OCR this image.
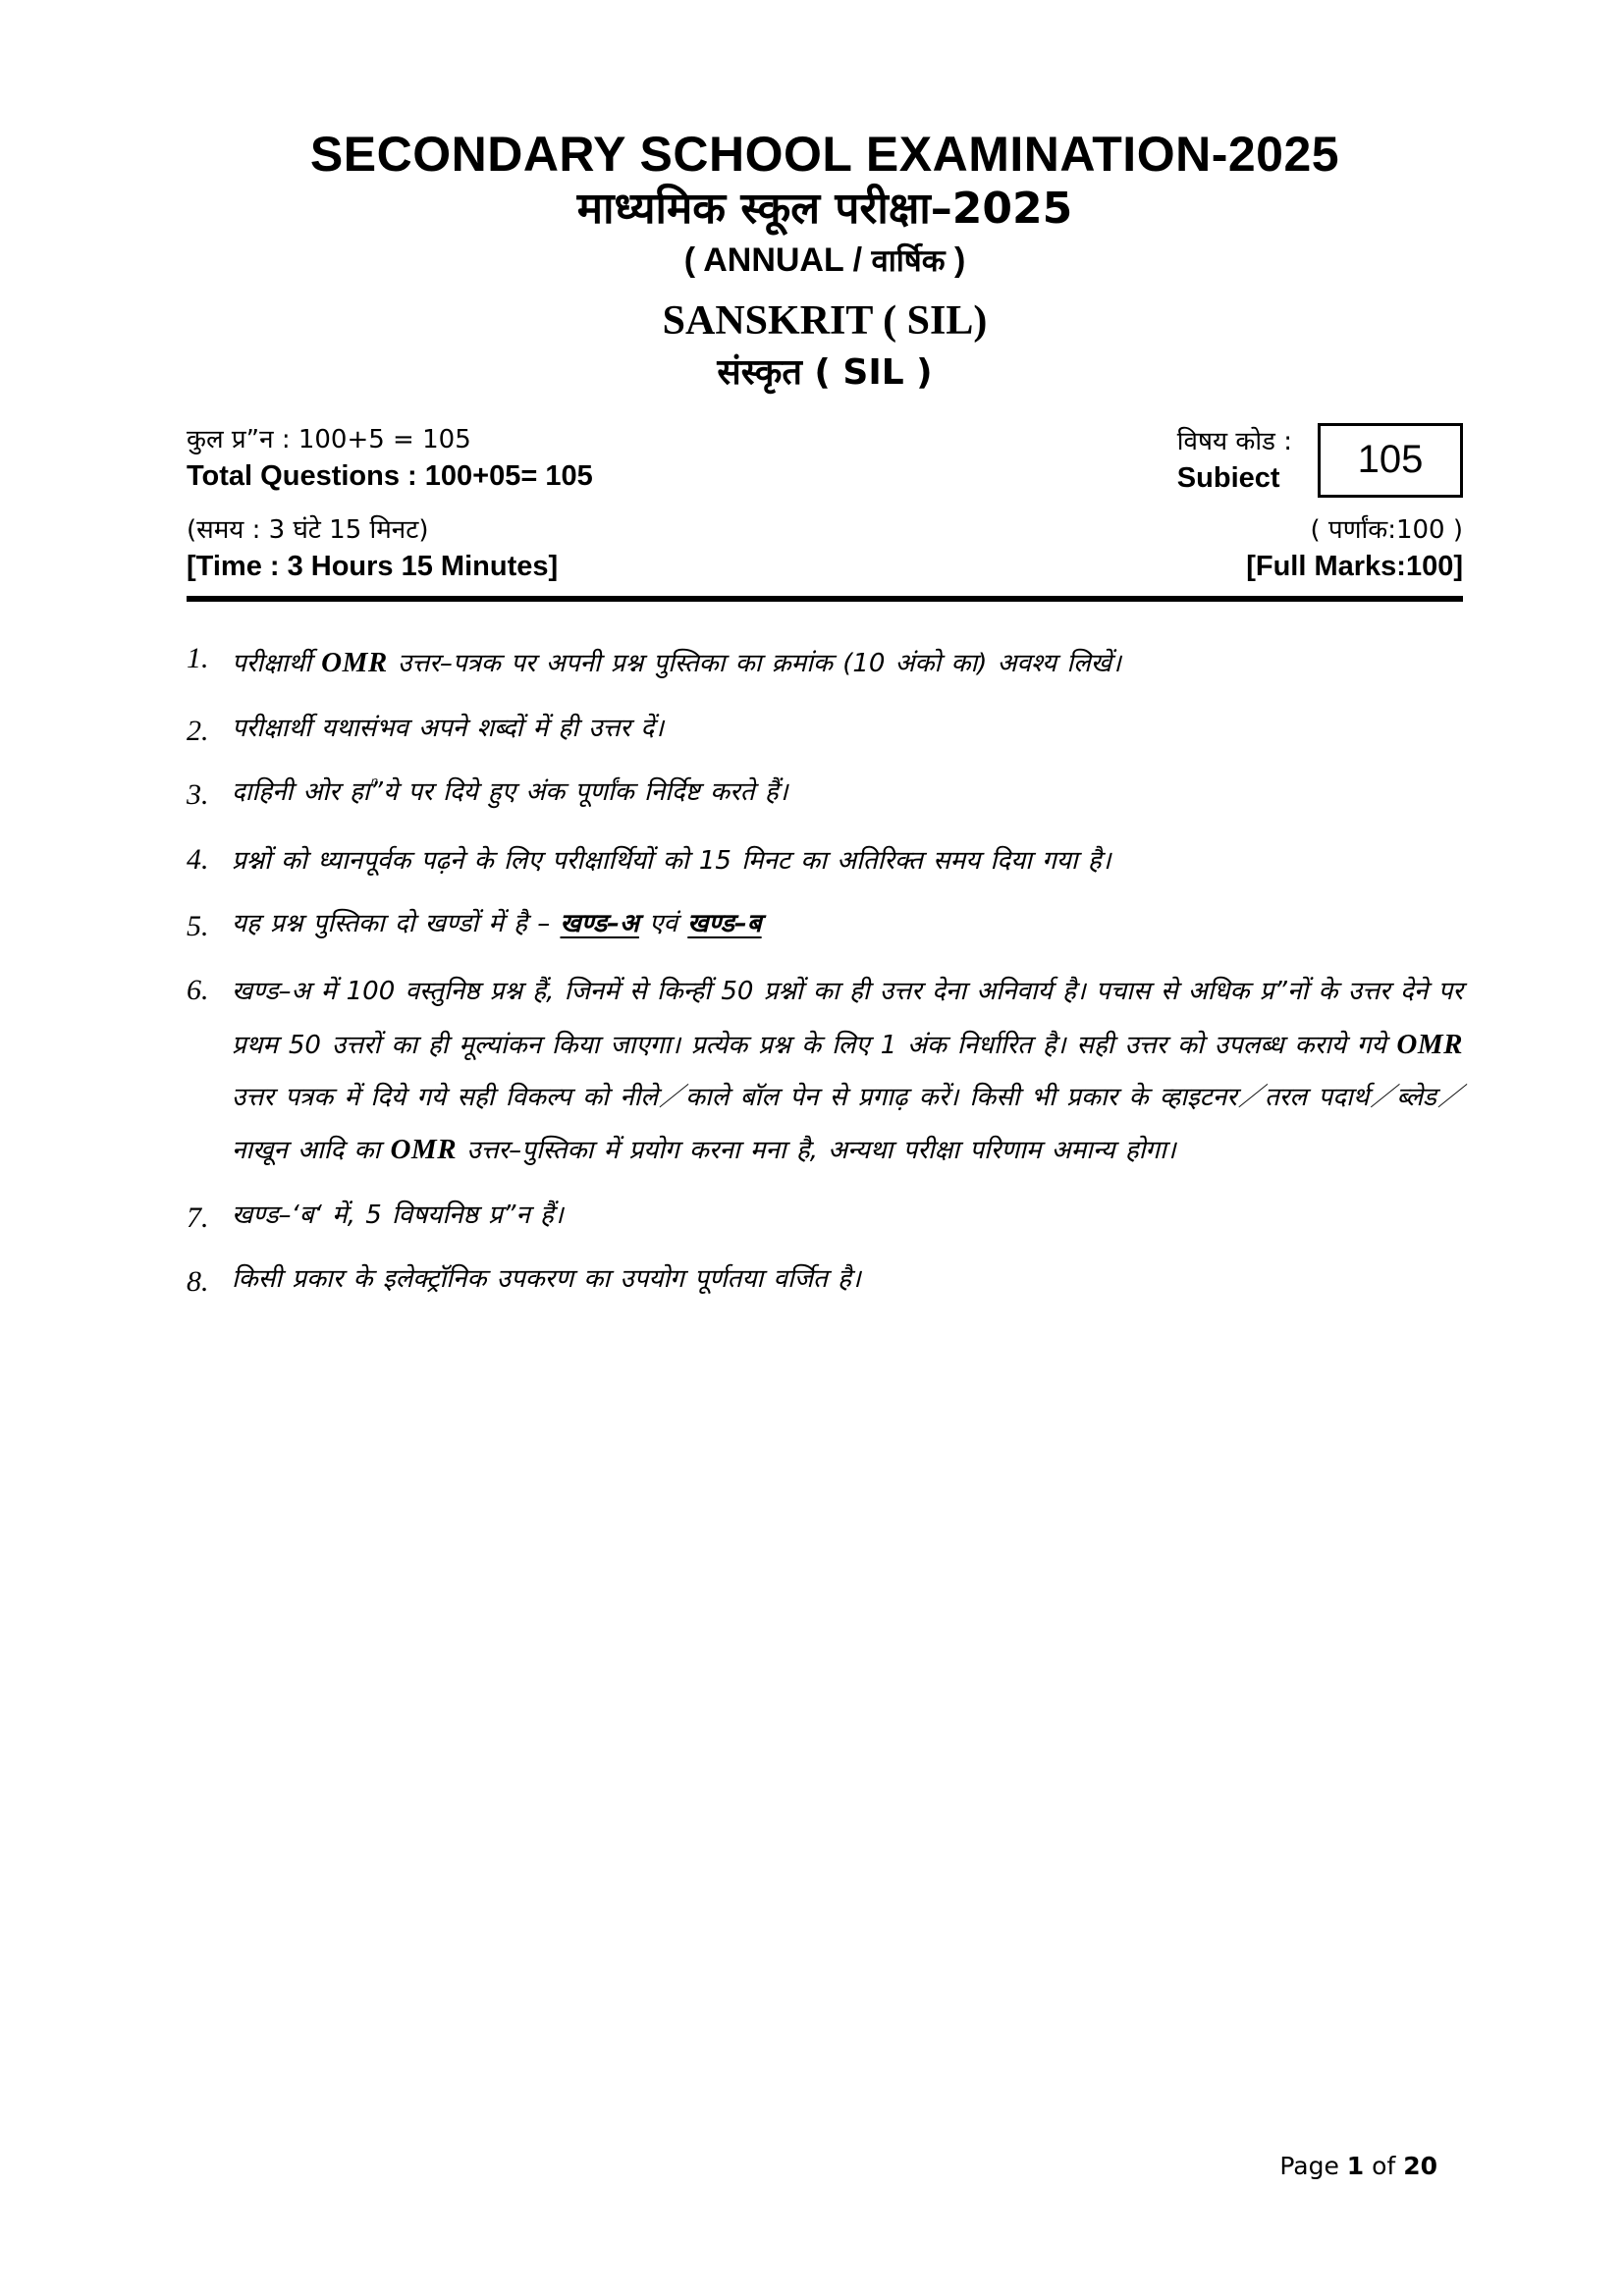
SECONDARY SCHOOL EXAMINATION-2025
माध्यमिक स्कूल परीक्षा–2025
( ANNUAL / वार्षिक )
SANSKRIT ( SIL)
संस्कृत ( SIL )
कुल प्र”न : 100+5 = 105
Total Questions : 100+05= 105
विषय कोड :
Subiect	105
(समय : 3 घंटे 15 मिनट)
[Time : 3 Hours 15 Minutes]
( पर्णांक:100 )
[Full Marks:100]
1. परीक्षार्थी OMR उत्तर–पत्रक पर अपनी प्रश्न पुस्तिका का क्रमांक (10 अंको का) अवश्य लिखें।
2. परीक्षार्थी यथासंभव अपने शब्दों में ही उत्तर दें।
3. दाहिनी ओर हाᷠ”ये पर दिये हुए अंक पूर्णांक निर्दिष्ट करते हैं।
4. प्रश्नों को ध्यानपूर्वक पढ़ने के लिए परीक्षार्थियों को 15 मिनट का अतिरिक्त समय दिया गया है।
5. यह प्रश्न पुस्तिका दो खण्डों में है – खण्ड–अ एवं खण्ड–ब
6. खण्ड–अ में 100 वस्तुनिष्ठ प्रश्न हैं, जिनमें से किन्हीं 50 प्रश्नों का ही उत्तर देना अनिवार्य है। पचास से अधिक प्र”नों के उत्तर देने पर प्रथम 50 उत्तरों का ही मूल्यांकन किया जाएगा। प्रत्येक प्रश्न के लिए 1 अंक निर्धारित है। सही उत्तर को उपलब्ध कराये गये OMR उत्तर पत्रक में दिये गये सही विकल्प को नीले／काले बॉल पेन से प्रगाढ़ करें। किसी भी प्रकार के व्हाइटनर／तरल पदार्थ／ब्लेड／नाखून आदि का OMR उत्तर–पुस्तिका में प्रयोग करना मना है, अन्यथा परीक्षा परिणाम अमान्य होगा।
7. खण्ड–‘ब‘ में, 5 विषयनिष्ठ प्र”न हैं।
8. किसी प्रकार के इलेक्ट्रॉनिक उपकरण का उपयोग पूर्णतया वर्जित है।
Page 1 of 20
